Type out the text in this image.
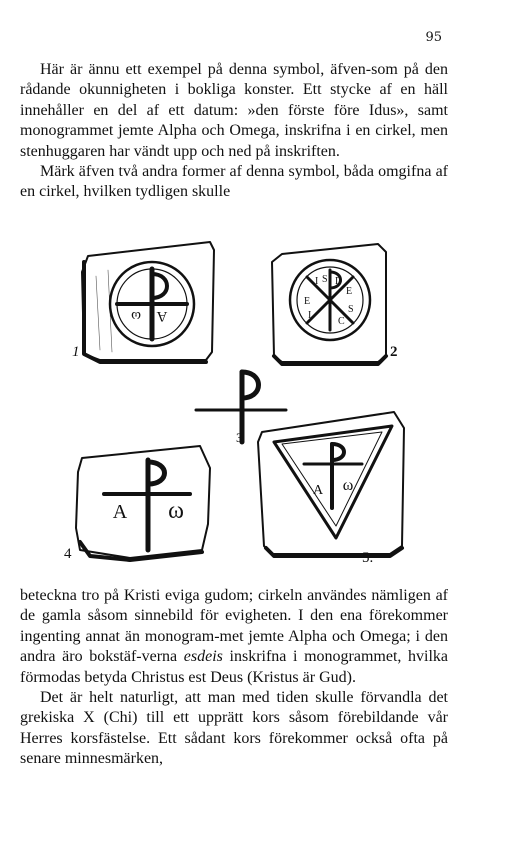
95

Här är ännu ett exempel på denna symbol, äfven-som på den rådande okunnigheten i bokliga konster. Ett stycke af en häll innehåller en del af ett datum: »den förste före Idus», samt monogrammet jemte Alpha och Omega, inskrifna i en cirkel, men stenhuggaren har vändt upp och ned på inskriften.

Märk äfven två andra former af denna symbol, båda omgifna af en cirkel, hvilken tydligen skulle

A
ω
I S D
E
S
C
I
E
A ω
A ω
1	2
3
4	5.

beteckna tro på Kristi eviga gudom; cirkeln användes nämligen af de gamla såsom sinnebild för evigheten. I den ena förekommer ingenting annat än monogram-met jemte Alpha och Omega; i den andra äro bokstäf-verna esdeis inskrifna i monogrammet, hvilka förmodas betyda Christus est Deus (Kristus är Gud).

Det är helt naturligt, att man med tiden skulle förvandla det grekiska X (Chi) till ett upprätt kors såsom förebildande vår Herres korsfästelse. Ett sådant kors förekommer också ofta på senare minnesmärken,
